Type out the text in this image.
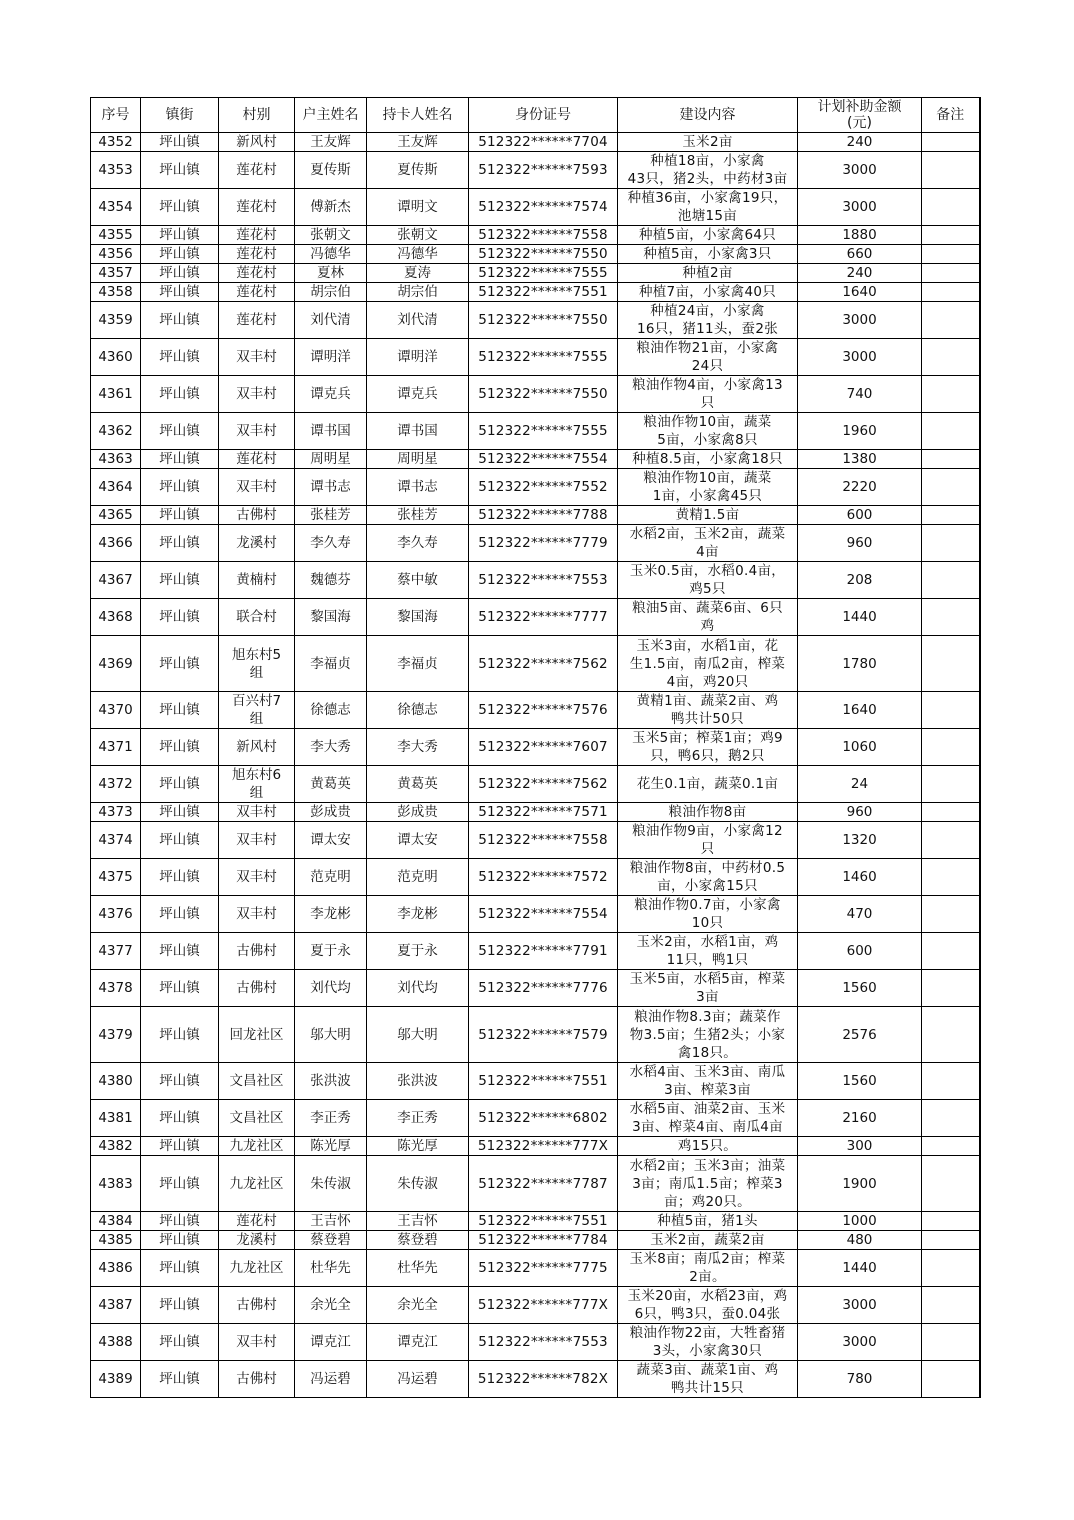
序号	镇街	村别	户主姓名	持卡人姓名	身份证号	建设内容	计划补助金额
(元)	备注
4352	坪山镇	新风村	王友辉	王友辉	512322******7704	玉米2亩	240	
4353	坪山镇	莲花村	夏传斯	夏传斯	512322******7593	种植18亩，小家禽
43只，猪2头，中药材3亩	3000	
4354	坪山镇	莲花村	傅新杰	谭明文	512322******7574	种植36亩，小家禽19只，
池塘15亩	3000	
4355	坪山镇	莲花村	张朝文	张朝文	512322******7558	种植5亩，小家禽64只	1880	
4356	坪山镇	莲花村	冯德华	冯德华	512322******7550	种植5亩，小家禽3只	660	
4357	坪山镇	莲花村	夏林	夏涛	512322******7555	种植2亩	240	
4358	坪山镇	莲花村	胡宗伯	胡宗伯	512322******7551	种植7亩，小家禽40只	1640	
4359	坪山镇	莲花村	刘代清	刘代清	512322******7550	种植24亩，小家禽
16只，猪11头，蚕2张	3000	
4360	坪山镇	双丰村	谭明洋	谭明洋	512322******7555	粮油作物21亩，小家禽
24只	3000	
4361	坪山镇	双丰村	谭克兵	谭克兵	512322******7550	粮油作物4亩，小家禽13
只	740	
4362	坪山镇	双丰村	谭书国	谭书国	512322******7555	粮油作物10亩，蔬菜
5亩，小家禽8只	1960	
4363	坪山镇	莲花村	周明星	周明星	512322******7554	种植8.5亩，小家禽18只	1380	
4364	坪山镇	双丰村	谭书志	谭书志	512322******7552	粮油作物10亩，蔬菜
1亩，小家禽45只	2220	
4365	坪山镇	古佛村	张桂芳	张桂芳	512322******7788	黄精1.5亩	600	
4366	坪山镇	龙溪村	李久寿	李久寿	512322******7779	水稻2亩，玉米2亩，蔬菜
4亩	960	
4367	坪山镇	黄楠村	魏德芬	蔡中敏	512322******7553	玉米0.5亩，水稻0.4亩，
鸡5只	208	
4368	坪山镇	联合村	黎国海	黎国海	512322******7777	粮油5亩、蔬菜6亩、6只
鸡	1440	
4369	坪山镇	旭东村5
组	李福贞	李福贞	512322******7562	玉米3亩，水稻1亩，花
生1.5亩，南瓜2亩，榨菜
4亩，鸡20只	1780	
4370	坪山镇	百兴村7
组	徐德志	徐德志	512322******7576	黄精1亩、蔬菜2亩、鸡
鸭共计50只	1640	
4371	坪山镇	新风村	李大秀	李大秀	512322******7607	玉米5亩；榨菜1亩；鸡9
只，鸭6只，鹅2只	1060	
4372	坪山镇	旭东村6
组	黄葛英	黄葛英	512322******7562	花生0.1亩，蔬菜0.1亩	24	
4373	坪山镇	双丰村	彭成贵	彭成贵	512322******7571	粮油作物8亩	960	
4374	坪山镇	双丰村	谭太安	谭太安	512322******7558	粮油作物9亩，小家禽12
只	1320	
4375	坪山镇	双丰村	范克明	范克明	512322******7572	粮油作物8亩，中药材0.5
亩，小家禽15只	1460	
4376	坪山镇	双丰村	李龙彬	李龙彬	512322******7554	粮油作物0.7亩，小家禽
10只	470	
4377	坪山镇	古佛村	夏于永	夏于永	512322******7791	玉米2亩，水稻1亩，鸡
11只，鸭1只	600	
4378	坪山镇	古佛村	刘代均	刘代均	512322******7776	玉米5亩，水稻5亩，榨菜
3亩	1560	
4379	坪山镇	回龙社区	邬大明	邬大明	512322******7579	粮油作物8.3亩；蔬菜作
物3.5亩；生猪2头；小家
禽18只。	2576	
4380	坪山镇	文昌社区	张洪波	张洪波	512322******7551	水稻4亩、玉米3亩、南瓜
3亩、榨菜3亩	1560	
4381	坪山镇	文昌社区	李正秀	李正秀	512322******6802	水稻5亩、油菜2亩、玉米
3亩、榨菜4亩、南瓜4亩	2160	
4382	坪山镇	九龙社区	陈光厚	陈光厚	512322******777X	鸡15只。	300	
4383	坪山镇	九龙社区	朱传淑	朱传淑	512322******7787	水稻2亩；玉米3亩；油菜
3亩；南瓜1.5亩；榨菜3
亩；鸡20只。	1900	
4384	坪山镇	莲花村	王吉怀	王吉怀	512322******7551	种植5亩，猪1头	1000	
4385	坪山镇	龙溪村	蔡登碧	蔡登碧	512322******7784	玉米2亩，蔬菜2亩	480	
4386	坪山镇	九龙社区	杜华先	杜华先	512322******7775	玉米8亩；南瓜2亩；榨菜
2亩。	1440	
4387	坪山镇	古佛村	余光全	余光全	512322******777X	玉米20亩，水稻23亩，鸡
6只，鸭3只，蚕0.04张	3000	
4388	坪山镇	双丰村	谭克江	谭克江	512322******7553	粮油作物22亩，大牲畜猪
3头，小家禽30只	3000	
4389	坪山镇	古佛村	冯运碧	冯运碧	512322******782X	蔬菜3亩、蔬菜1亩、鸡
鸭共计15只	780	
